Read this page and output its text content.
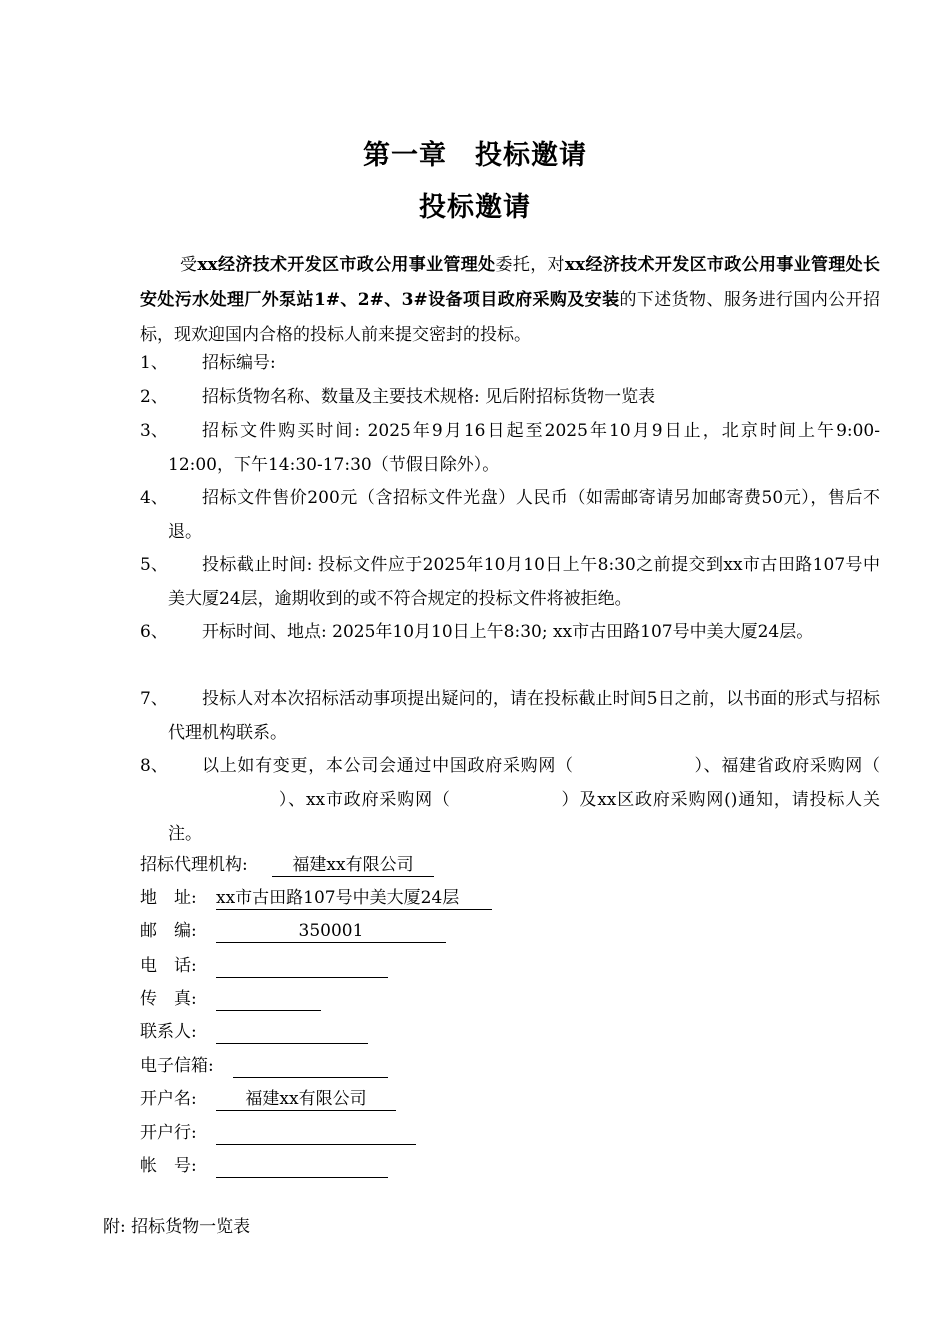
第一章　投标邀请
投标邀请
受xx经济技术开发区市政公用事业管理处委托，对xx经济技术开发区市政公用事业管理处长安处污水处理厂外泵站1#、2#、3#设备项目政府采购及安装的下述货物、服务进行国内公开招标，现欢迎国内合格的投标人前来提交密封的投标。
1、	招标编号:
2、	招标货物名称、数量及主要技术规格: 见后附招标货物一览表
3、	招标文件购买时间: 2025年9月16日起至2025年10月9日止，北京时间上午9:00-12:00，下午14:30-17:30（节假日除外）。
4、	招标文件售价200元（含招标文件光盘）人民币（如需邮寄请另加邮寄费50元），售后不退。
5、	投标截止时间: 投标文件应于2025年10月10日上午8:30之前提交到xx市古田路107号中美大厦24层，逾期收到的或不符合规定的投标文件将被拒绝。
6、	开标时间、地点: 2025年10月10日上午8:30; xx市古田路107号中美大厦24层。
7、	投标人对本次招标活动事项提出疑问的，请在投标截止时间5日之前，以书面的形式与招标代理机构联系。
8、	以上如有变更，本公司会通过中国政府采购网（	）、福建省政府采购网（）、xx市政府采购网（	）及xx区政府采购网()通知，请投标人关注。
招标代理机构:	福建xx有限公司
地　址: xx市古田路107号中美大厦24层
邮　编:	350001
电　话:
传　真:
联系人:
电子信箱:
开户名:	福建xx有限公司
开户行:
帐　号:
附: 招标货物一览表
